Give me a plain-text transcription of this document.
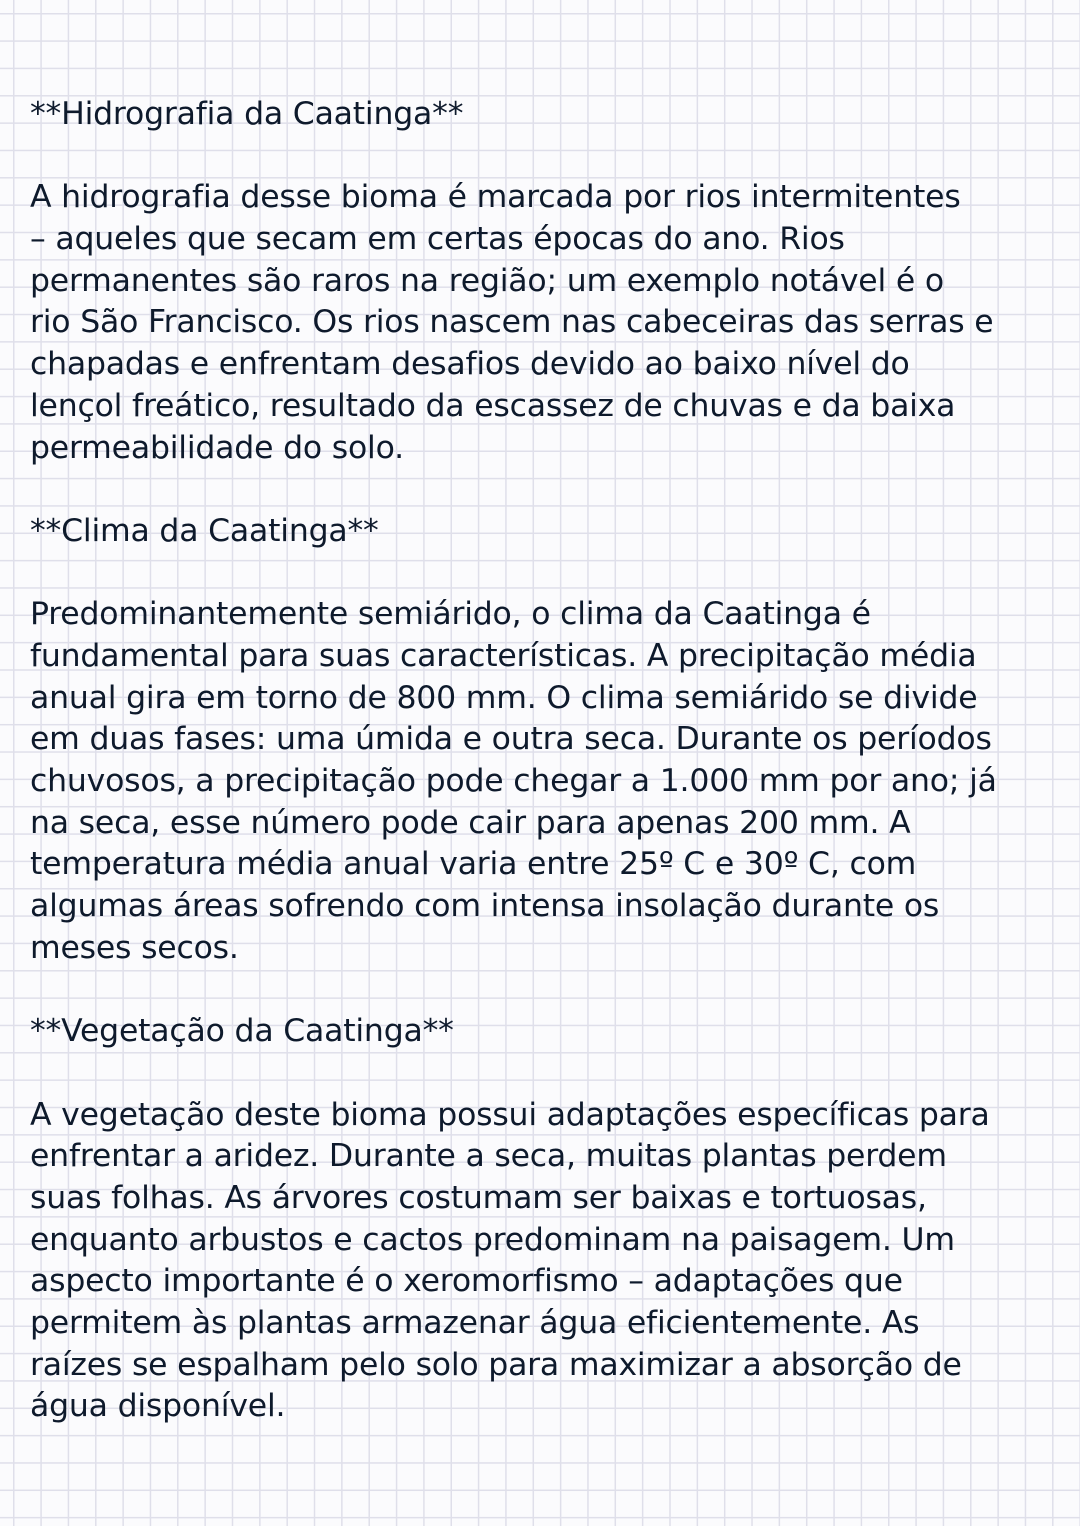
**Hidrografia da Caatinga**
A hidrografia desse bioma é marcada por rios intermitentes
– aqueles que secam em certas épocas do ano. Rios
permanentes são raros na região; um exemplo notável é o
rio São Francisco. Os rios nascem nas cabeceiras das serras e
chapadas e enfrentam desafios devido ao baixo nível do
lençol freático, resultado da escassez de chuvas e da baixa
permeabilidade do solo.
**Clima da Caatinga**
Predominantemente semiárido, o clima da Caatinga é
fundamental para suas características. A precipitação média
anual gira em torno de 800 mm. O clima semiárido se divide
em duas fases: uma úmida e outra seca. Durante os períodos
chuvosos, a precipitação pode chegar a 1.000 mm por ano; já
na seca, esse número pode cair para apenas 200 mm. A
temperatura média anual varia entre 25º C e 30º C, com
algumas áreas sofrendo com intensa insolação durante os
meses secos.
**Vegetação da Caatinga**
A vegetação deste bioma possui adaptações específicas para
enfrentar a aridez. Durante a seca, muitas plantas perdem
suas folhas. As árvores costumam ser baixas e tortuosas,
enquanto arbustos e cactos predominam na paisagem. Um
aspecto importante é o xeromorfismo – adaptações que
permitem às plantas armazenar água eficientemente. As
raízes se espalham pelo solo para maximizar a absorção de
água disponível.
